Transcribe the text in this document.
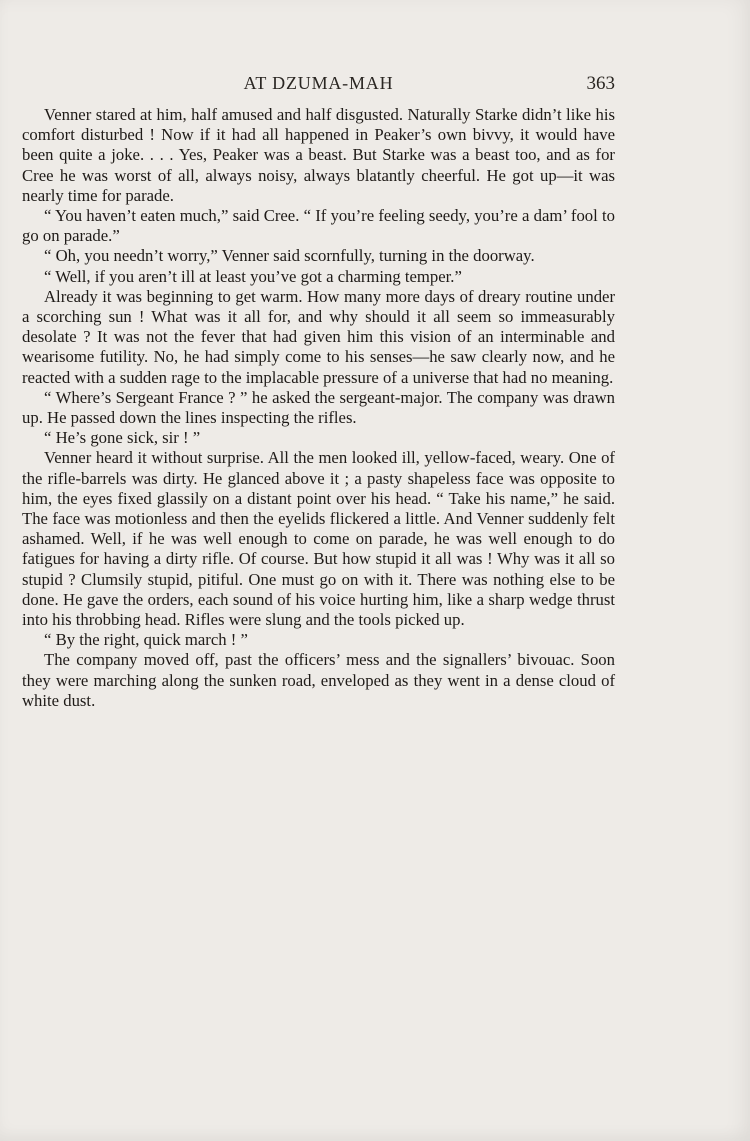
AT DZUMA-MAH	363

Venner stared at him, half amused and half disgusted. Naturally Starke didn’t like his comfort disturbed ! Now if it had all happened in Peaker’s own bivvy, it would have been quite a joke. . . . Yes, Peaker was a beast. But Starke was a beast too, and as for Cree he was worst of all, always noisy, always blatantly cheerful. He got up—it was nearly time for parade.

“ You haven’t eaten much,” said Cree. “ If you’re feeling seedy, you’re a dam’ fool to go on parade.”

“ Oh, you needn’t worry,” Venner said scornfully, turning in the doorway.

“ Well, if you aren’t ill at least you’ve got a charming temper.”

Already it was beginning to get warm. How many more days of dreary routine under a scorching sun ! What was it all for, and why should it all seem so immeasurably desolate ? It was not the fever that had given him this vision of an interminable and wearisome futility. No, he had simply come to his senses—he saw clearly now, and he reacted with a sudden rage to the implacable pressure of a universe that had no meaning.

“ Where’s Sergeant France ? ” he asked the sergeant-major. The company was drawn up. He passed down the lines inspecting the rifles.

“ He’s gone sick, sir ! ”

Venner heard it without surprise. All the men looked ill, yellow-faced, weary. One of the rifle-barrels was dirty. He glanced above it ; a pasty shapeless face was opposite to him, the eyes fixed glassily on a distant point over his head. “ Take his name,” he said. The face was motionless and then the eyelids flickered a little. And Venner suddenly felt ashamed. Well, if he was well enough to come on parade, he was well enough to do fatigues for having a dirty rifle. Of course. But how stupid it all was ! Why was it all so stupid ? Clumsily stupid, pitiful. One must go on with it. There was nothing else to be done. He gave the orders, each sound of his voice hurting him, like a sharp wedge thrust into his throbbing head. Rifles were slung and the tools picked up.

“ By the right, quick march ! ”

The company moved off, past the officers’ mess and the signallers’ bivouac. Soon they were marching along the sunken road, enveloped as they went in a dense cloud of white dust.
